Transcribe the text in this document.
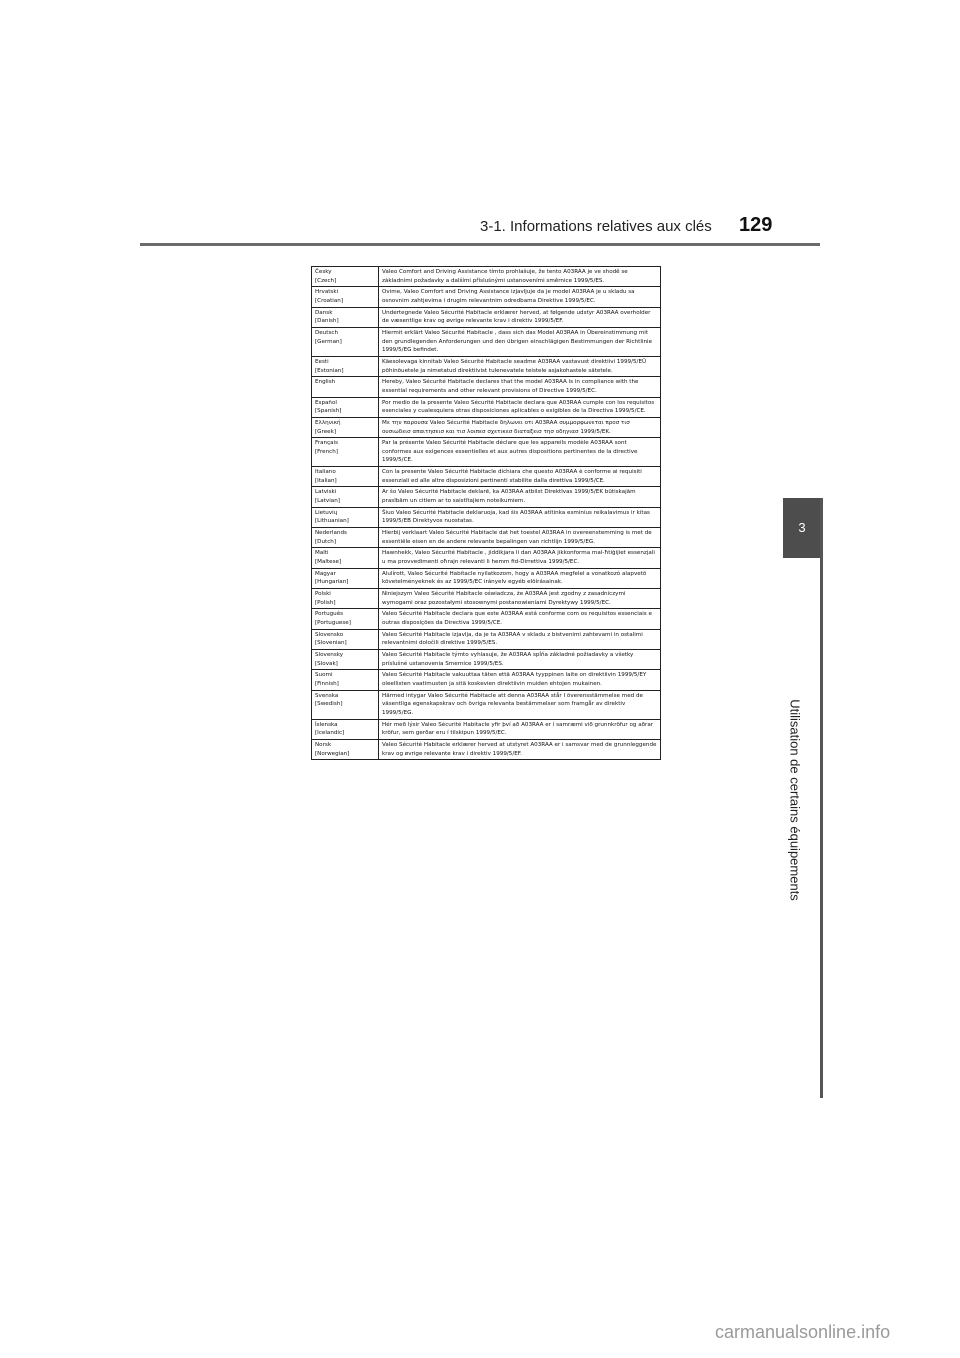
3-1. Informations relatives aux clés 129
3
Utilisation de certains équipements
Česky
[Czech]	Valeo Comfort and Driving Assistance tímto prohlašuje, že tento A03RAA je ve shodě se základními požadavky a dalšími příslušnými ustanoveními směrnice 1999/5/ES.

Hrvatski
[Croatian]	Ovime, Valeo Comfort and Driving Assistance izjavljuje da je model A03RAA je u skladu sa osnovnim zahtjevima i drugim relevantnim odredbama Direktive 1999/5/EC.

Dansk
[Danish]	Undertegnede Valeo Sécurité Habitacle erklærer herved, at følgende udstyr A03RAA overholder de væsentlige krav og øvrige relevante krav i direktiv 1999/5/EF.

Deutsch
[German]	Hiermit erklärt Valeo Sécurité Habitacle , dass sich das Model A03RAA in Übereinstimmung mit den grundlegenden Anforderungen und den übrigen einschlägigen Bestimmungen der Richtlinie 1999/5/EG befindet.

Eesti
[Estonian]	Käesolevaga kinnitab Valeo Sécurité Habitacle seadme A03RAA vastavust direktiivi 1999/5/EÜ põhinõuetele ja nimetatud direktiivist tulenevatele teistele asjakohastele sätetele.

English	Hereby, Valeo Sécurité Habitacle declares that the model A03RAA is in compliance with the essential requirements and other relevant provisions of Directive 1999/5/EC.

Español
[Spanish]	Por medio de la presente Valeo Sécurité Habitacle declara que A03RAA cumple con los requisitos esenciales y cualesquiera otras disposiciones aplicables o exigibles de la Directiva 1999/5/CE.

Ελληνική
[Greek]	Με την παρουσα Valeo Sécurité Habitacle δηλωνει οτι A03RAA συμμορφωνεται προσ τισ ουσιωδεισ απαιτησεισ και τισ λοιπεσ σχετικεσ διαταξεισ τησ οδηγιασ 1999/5/ΕΚ.

Français
[French]	Par la présente Valeo Sécurité Habitacle déclare que les appareils modèle A03RAA sont conformes aux exigences essentielles et aux autres dispositions pertinentes de la directive 1999/5/CE.

Italiano
[Italian]	Con la presente Valeo Sécurité Habitacle dichiara che questo A03RAA è conforme ai requisiti essenziali ed alle altre disposizioni pertinenti stabilite dalla direttiva 1999/5/CE.

Latviski
[Latvian]	Ar šo Valeo Sécurité Habitacle deklarē, ka A03RAA atbilst Direktīvas 1999/5/EK būtiskajām prasībām un citiem ar to saistītajiem noteikumiem.

Lietuvių
[Lithuanian]	Šiuo Valeo Sécurité Habitacle deklaruoja, kad šis A03RAA atitinka esminius reikalavimus ir kitas 1999/5/EB Direktyvos nuostatas.

Nederlands
[Dutch]	Hierbij verklaart Valeo Sécurité Habitacle dat het toestel A03RAA in overeenstemming is met de essentiële eisen en de andere relevante bepalingen van richtlijn 1999/5/EG.

Malti
[Maltese]	Hawnhekk, Valeo Sécurité Habitacle , jiddikjara li dan A03RAA jikkonforma mal-ħtiġijiet essenzjali u ma provvedimenti oħrajn relevanti li hemm fid-Dirrettiva 1999/5/EC.

Magyar
[Hungarian]	Alulírott, Valeo Sécurité Habitacle nyilatkozom, hogy a A03RAA megfelel a vonatkozó alapvetõ követelményeknek és az 1999/5/EC irányelv egyéb elõírásainak.

Polski
[Polish]	Niniejszym Valeo Sécurité Habitacle oświadcza, że A03RAA jest zgodny z zasadniczymi wymogami oraz pozostałymi stosownymi postanowieniami Dyrektywy 1999/5/EC.

Português
[Portuguese]	Valeo Sécurité Habitacle declara que este A03RAA está conforme com os requisitos essenciais e outras disposições da Directiva 1999/5/CE.

Slovensko
[Slovenian]	Valeo Sécurité Habitacle izjavlja, da je ta A03RAA v skladu z bistvenimi zahtevami in ostalimi relevantnimi določili direktive 1999/5/ES.

Slovensky
[Slovak]	Valeo Sécurité Habitacle týmto vyhlasuje, že A03RAA spĺňa základné požiadavky a všetky príslušné ustanovenia Smernice 1999/5/ES.

Suomi
[Finnish]	Valeo Sécurité Habitacle vakuuttaa täten että A03RAA tyyppinen laite on direktiivin 1999/5/EY oleellisten vaatimusten ja sitä koskevien direktiivin muiden ehtojen mukainen.

Svenska
[Swedish]	Härmed intygar Valeo Sécurité Habitacle att denna A03RAA står I överensstämmelse med de väsentliga egenskapskrav och övriga relevanta bestämmelser som framgår av direktiv 1999/5/EG.

Íslenska
[Icelandic]	Hér með lýsir Valeo Sécurité Habitacle yfir því að A03RAA er í samræmi við grunnkröfur og aðrar kröfur, sem gerðar eru í tilskipun 1999/5/EC.

Norsk
[Norwegian]	Valeo Sécurité Habitacle erklærer herved at utstyret A03RAA er i samsvar med de grunnleggende krav og øvrige relevante krav i direktiv 1999/5/EF.
carmanualsonline.info
